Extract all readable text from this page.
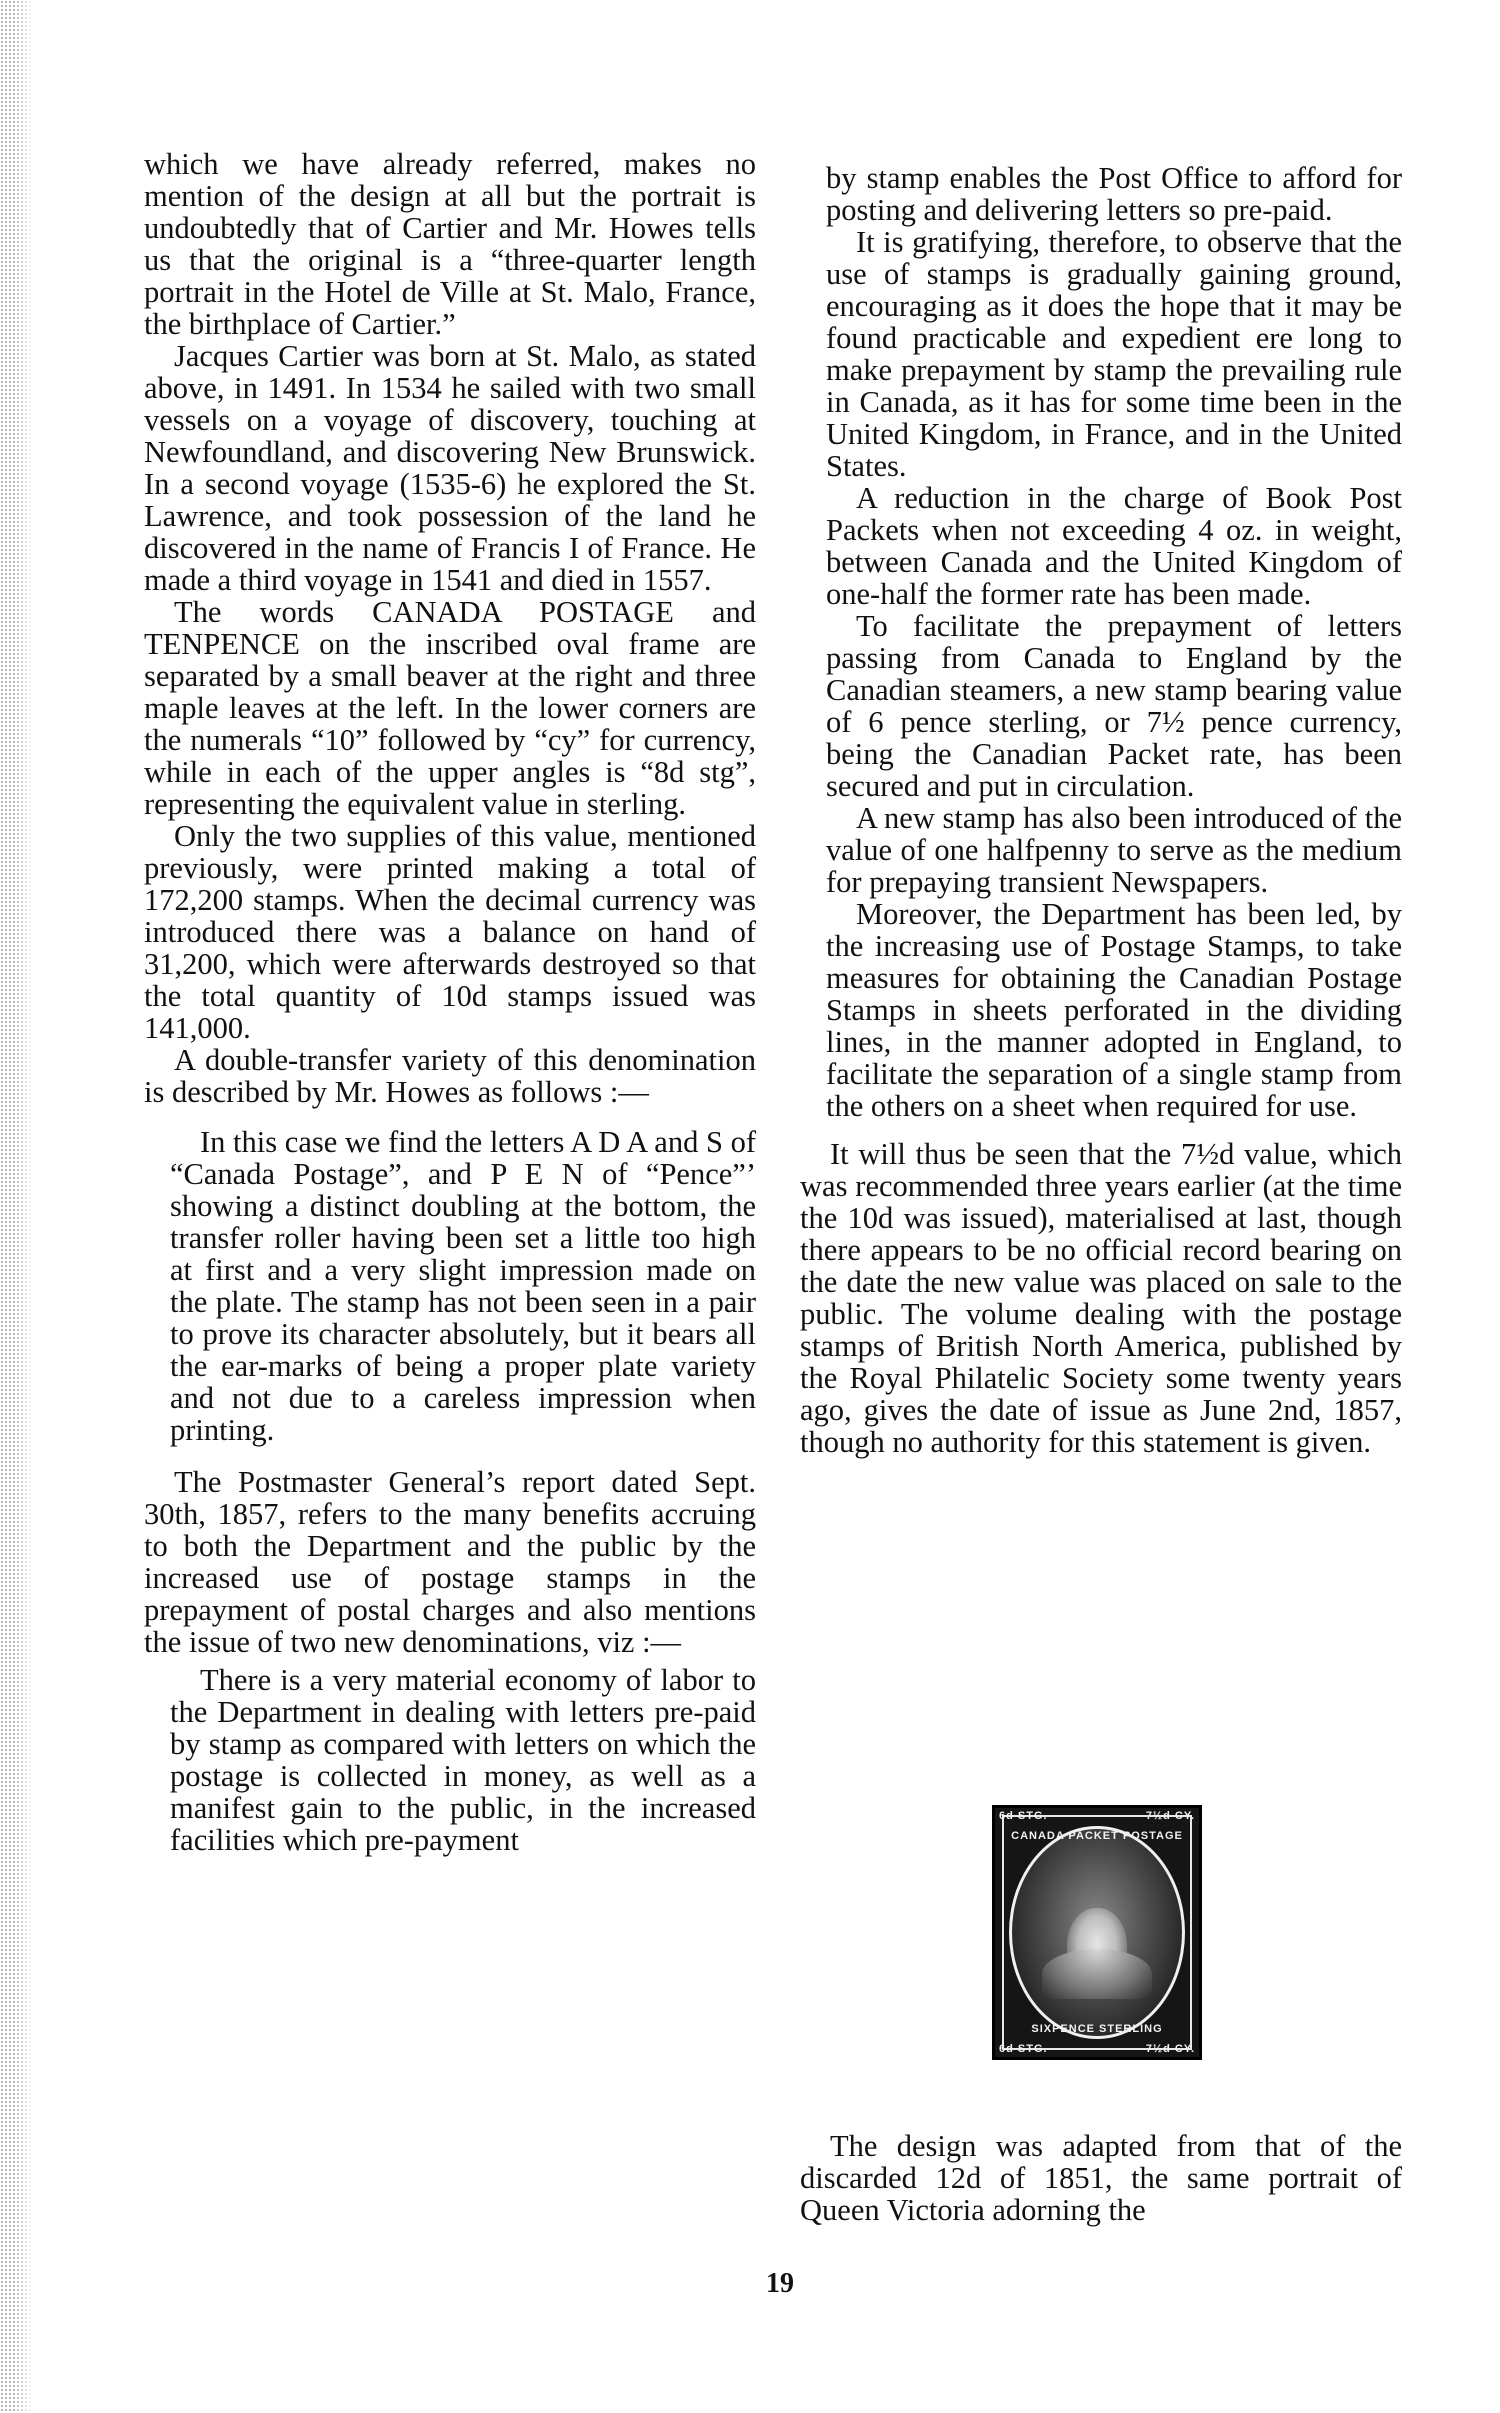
which we have already referred, makes no mention of the design at all but the portrait is undoubtedly that of Cartier and Mr. Howes tells us that the original is a “three-quarter length portrait in the Hotel de Ville at St. Malo, France, the birthplace of Cartier.”

Jacques Cartier was born at St. Malo, as stated above, in 1491. In 1534 he sailed with two small vessels on a voyage of discovery, touching at Newfoundland, and discovering New Brunswick. In a second voyage (1535-6) he explored the St. Lawrence, and took possession of the land he discovered in the name of Francis I of France. He made a third voyage in 1541 and died in 1557.

The words CANADA POSTAGE and TENPENCE on the inscribed oval frame are separated by a small beaver at the right and three maple leaves at the left. In the lower corners are the numerals “10” followed by “cy” for currency, while in each of the upper angles is “8d stg”, representing the equivalent value in sterling.

Only the two supplies of this value, mentioned previously, were printed making a total of 172,200 stamps. When the decimal currency was introduced there was a balance on hand of 31,200, which were afterwards destroyed so that the total quantity of 10d stamps issued was 141,000.

A double-transfer variety of this denomination is described by Mr. Howes as follows :—

In this case we find the letters A D A and S of “Canada Postage”, and P E N of “Pence”’ showing a distinct doubling at the bottom, the transfer roller having been set a little too high at first and a very slight impression made on the plate. The stamp has not been seen in a pair to prove its character absolutely, but it bears all the ear-marks of being a proper plate variety and not due to a careless impression when printing.

The Postmaster General’s report dated Sept. 30th, 1857, refers to the many benefits accruing to both the Department and the public by the increased use of postage stamps in the prepayment of postal charges and also mentions the issue of two new denominations, viz :—

There is a very material economy of labor to the Department in dealing with letters pre-paid by stamp as compared with letters on which the postage is collected in money, as well as a manifest gain to the public, in the increased facilities which pre-payment

by stamp enables the Post Office to afford for posting and delivering letters so pre-paid.

It is gratifying, therefore, to observe that the use of stamps is gradually gaining ground, encouraging as it does the hope that it may be found practicable and expedient ere long to make prepayment by stamp the prevailing rule in Canada, as it has for some time been in the United Kingdom, in France, and in the United States.

A reduction in the charge of Book Post Packets when not exceeding 4 oz. in weight, between Canada and the United Kingdom of one-half the former rate has been made.

To facilitate the prepayment of letters passing from Canada to England by the Canadian steamers, a new stamp bearing value of 6 pence sterling, or 7½ pence currency, being the Canadian Packet rate, has been secured and put in circulation.

A new stamp has also been introduced of the value of one halfpenny to serve as the medium for prepaying transient Newspapers.

Moreover, the Department has been led, by the increasing use of Postage Stamps, to take measures for obtaining the Canadian Postage Stamps in sheets perforated in the dividing lines, in the manner adopted in England, to facilitate the separation of a single stamp from the others on a sheet when required for use.

It will thus be seen that the 7½d value, which was recommended three years earlier (at the time the 10d was issued), materialised at last, though there appears to be no official record bearing on the date the new value was placed on sale to the public. The volume dealing with the postage stamps of British North America, published by the Royal Philatelic Society some twenty years ago, gives the date of issue as June 2nd, 1857, though no authority for this statement is given.

CANADA PACKET POSTAGE
SIXPENCE STERLING
6d STG.	7½d CY.
6d STG.	7½d CY.

The design was adapted from that of the discarded 12d of 1851, the same portrait of Queen Victoria adorning the

19
